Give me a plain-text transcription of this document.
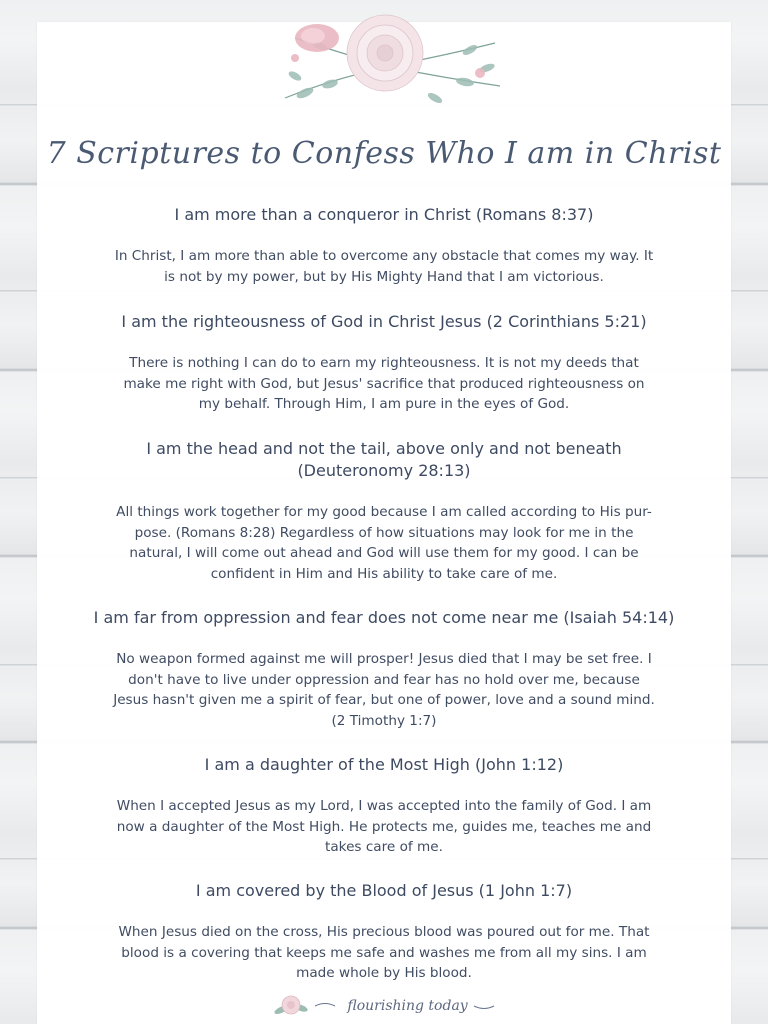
7 Scriptures to Confess Who I am in Christ
I am more than a conqueror in Christ (Romans 8:37)
In Christ, I am more than able to overcome any obstacle that comes my way. It
is not by my power, but by His Mighty Hand that I am victorious.
I am the righteousness of God in Christ Jesus (2 Corinthians 5:21)
There is nothing I can do to earn my righteousness. It is not my deeds that
make me right with God, but Jesus' sacrifice that produced righteousness on
my behalf. Through Him, I am pure in the eyes of God.
I am the head and not the tail, above only and not beneath
(Deuteronomy 28:13)
All things work together for my good because I am called according to His pur-
pose. (Romans 8:28) Regardless of how situations may look for me in the
natural, I will come out ahead and God will use them for my good. I can be
confident in Him and His ability to take care of me.
I am far from oppression and fear does not come near me (Isaiah 54:14)
No weapon formed against me will prosper! Jesus died that I may be set free. I
don't have to live under oppression and fear has no hold over me, because
Jesus hasn't given me a spirit of fear, but one of power, love and a sound mind.
(2 Timothy 1:7)
I am a daughter of the Most High (John 1:12)
When I accepted Jesus as my Lord, I was accepted into the family of God. I am
now a daughter of the Most High. He protects me, guides me, teaches me and
takes care of me.
I am covered by the Blood of Jesus (1 John 1:7)
When Jesus died on the cross, His precious blood was poured out for me. That
blood is a covering that keeps me safe and washes me from all my sins. I am
made whole by His blood.
flourishing today
